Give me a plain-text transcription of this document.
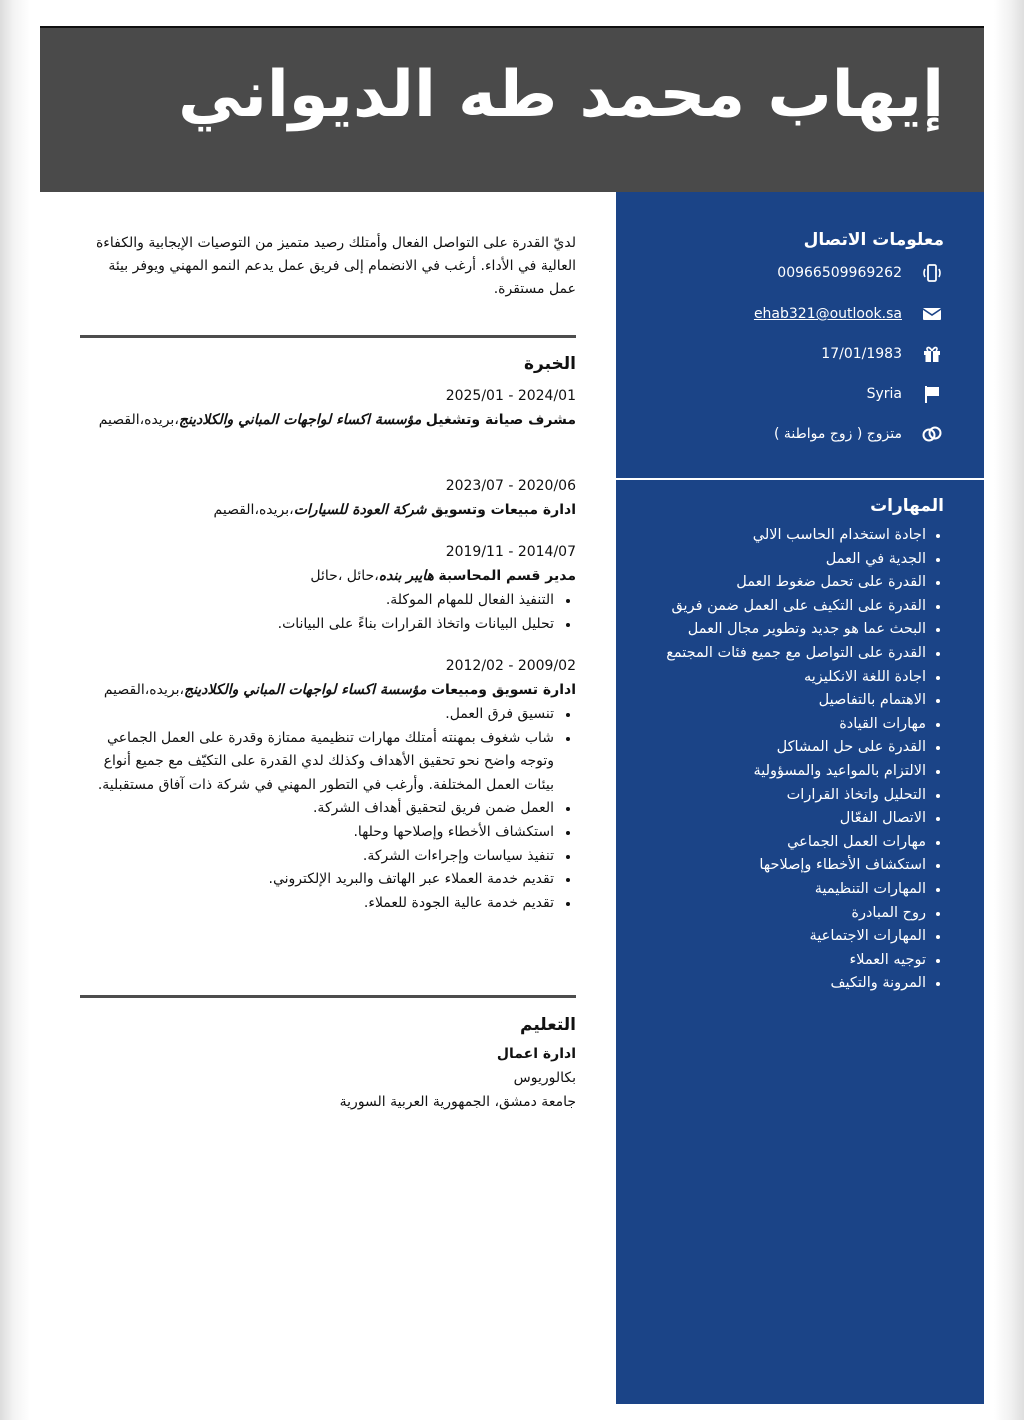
إيهاب محمد طه الديواني
معلومات الاتصال
00966509969262
ehab321@outlook.sa
17/01/1983
Syria
متزوج ( زوج مواطنة )
المهارات
اجادة استخدام الحاسب الالي
الجدية في العمل
القدرة على تحمل ضغوط العمل
القدرة على التكيف على العمل ضمن فريق
البحث عما هو جديد وتطوير مجال العمل
القدرة على التواصل مع جميع فئات المجتمع
اجادة اللغة الانكليزيه
الاهتمام بالتفاصيل
مهارات القيادة
القدرة على حل المشاكل
الالتزام بالمواعيد والمسؤولية
التحليل واتخاذ القرارات
الاتصال الفعّال
مهارات العمل الجماعي
استكشاف الأخطاء وإصلاحها
المهارات التنظيمية
روح المبادرة
المهارات الاجتماعية
توجيه العملاء
المرونة والتكيف

لديّ القدرة على التواصل الفعال وأمتلك رصيد متميز من التوصيات الإيجابية والكفاءة العالية في الأداء. أرغب في الانضمام إلى فريق عمل يدعم النمو المهني ويوفر بيئة عمل مستقرة.

الخبرة
2024/01 - 2025/01
مشرف صيانة وتشغيل مؤسسة اكساء لواجهات المباني والكلادينج،بريده،القصيم
2020/06 - 2023/07
ادارة مبيعات وتسويق شركة العودة للسيارات،بريده،القصيم
2014/07 - 2019/11
مدير قسم المحاسبة هايبر بنده،حائل ،حائل
التنفيذ الفعال للمهام الموكلة.
تحليل البيانات واتخاذ القرارات بناءً على البيانات.
2009/02 - 2012/02
ادارة تسويق ومبيعات مؤسسة اكساء لواجهات المباني والكلادينج،بريده،القصيم
تنسيق فرق العمل.
شاب شغوف بمهنته أمتلك مهارات تنظيمية ممتازة وقدرة على العمل الجماعي وتوجه واضح نحو تحقيق الأهداف وكذلك لدي القدرة على التكيّف مع جميع أنواع بيئات العمل المختلفة. وأرغب في التطور المهني في شركة ذات آفاق مستقبلية.
العمل ضمن فريق لتحقيق أهداف الشركة.
استكشاف الأخطاء وإصلاحها وحلها.
تنفيذ سياسات وإجراءات الشركة.
تقديم خدمة العملاء عبر الهاتف والبريد الإلكتروني.
تقديم خدمة عالية الجودة للعملاء.
التعليم
ادارة اعمال
بكالوريوس
جامعة دمشق، الجمهورية العربية السورية
